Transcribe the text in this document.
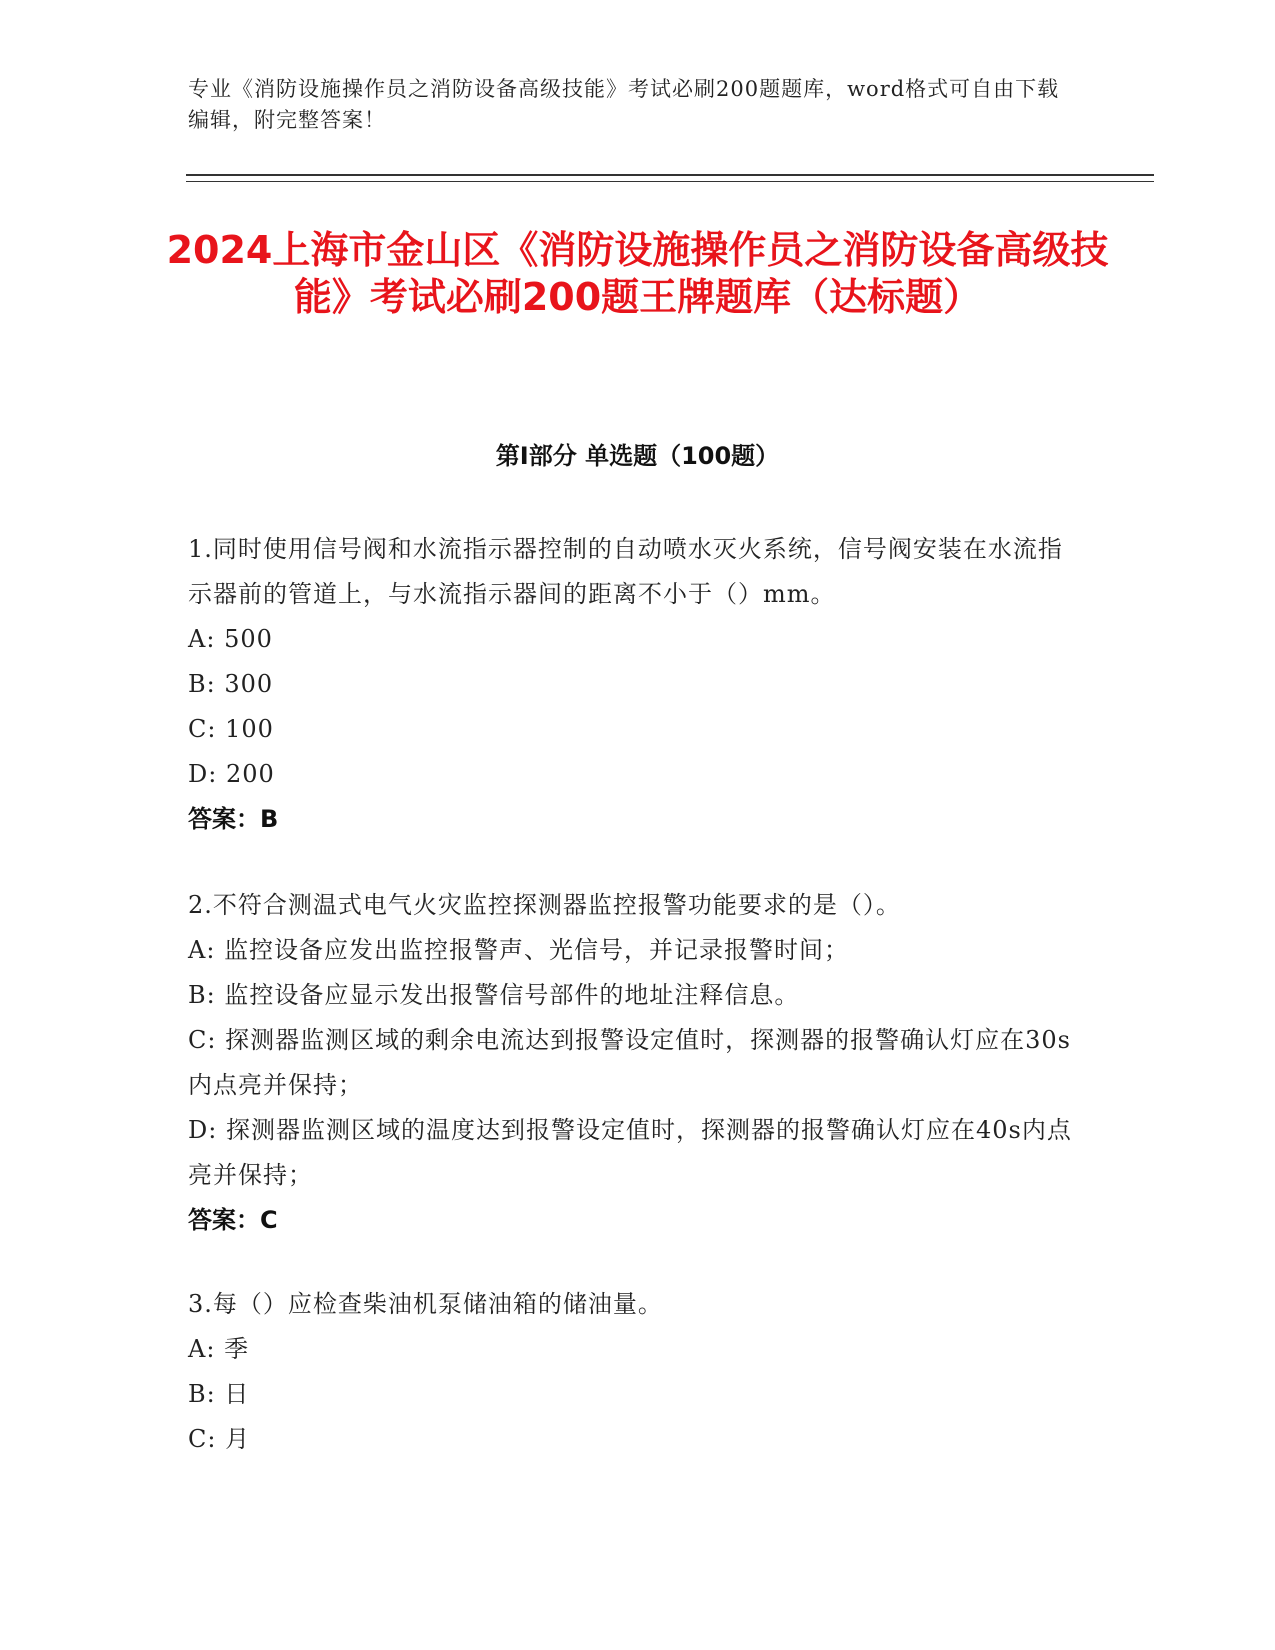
专业《消防设施操作员之消防设备高级技能》考试必刷200题题库，word格式可自由下载编辑，附完整答案！
2024上海市金山区《消防设施操作员之消防设备高级技能》考试必刷200题王牌题库（达标题）
第I部分 单选题（100题）
1.同时使用信号阀和水流指示器控制的自动喷水灭火系统，信号阀安装在水流指示器前的管道上，与水流指示器间的距离不小于（）mm。
A: 500
B: 300
C: 100
D: 200
答案：B
2.不符合测温式电气火灾监控探测器监控报警功能要求的是（）。
A: 监控设备应发出监控报警声、光信号，并记录报警时间；
B: 监控设备应显示发出报警信号部件的地址注释信息。
C: 探测器监测区域的剩余电流达到报警设定值时，探测器的报警确认灯应在30s内点亮并保持；
D: 探测器监测区域的温度达到报警设定值时，探测器的报警确认灯应在40s内点亮并保持；
答案：C
3.每（）应检查柴油机泵储油箱的储油量。
A: 季
B: 日
C: 月
